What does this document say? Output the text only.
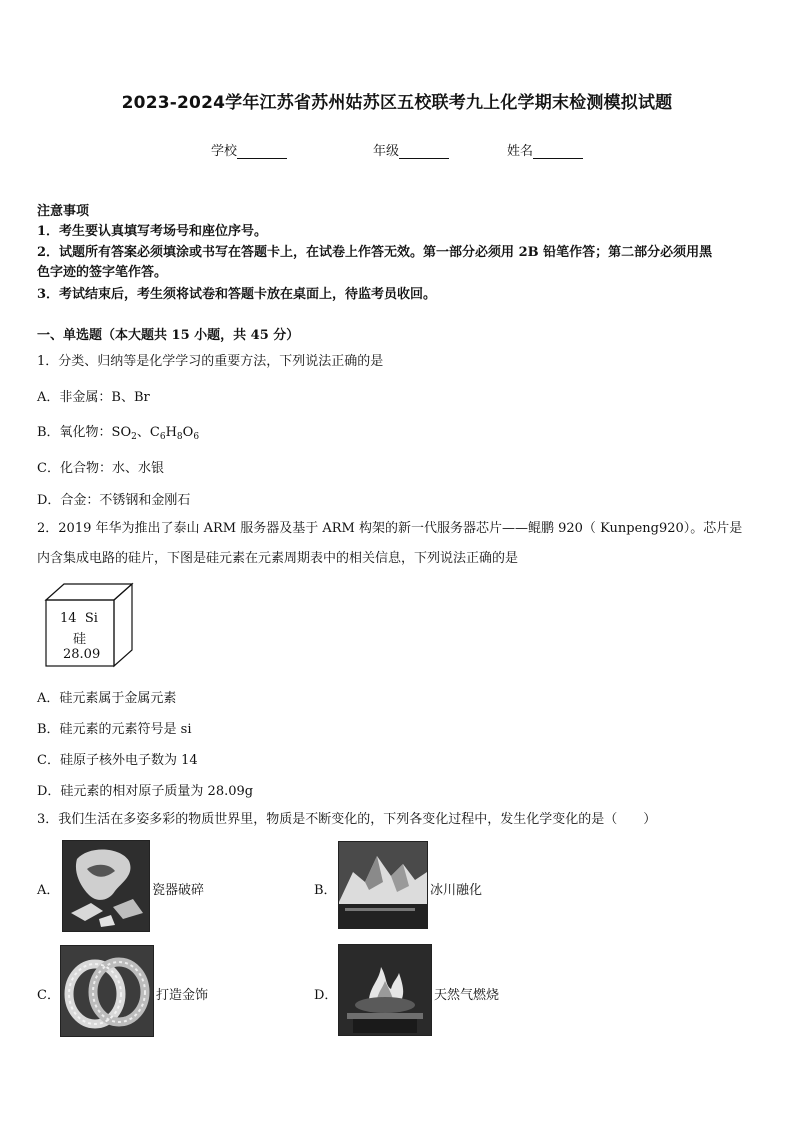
2023-2024学年江苏省苏州姑苏区五校联考九上化学期末检测模拟试题
学校	年级	姓名
注意事项
1．考生要认真填写考场号和座位序号。
2．试题所有答案必须填涂或书写在答题卡上，在试卷上作答无效。第一部分必须用 2B 铅笔作答；第二部分必须用黑
色字迹的签字笔作答。
3．考试结束后，考生须将试卷和答题卡放在桌面上，待监考员收回。
一、单选题（本大题共 15 小题，共 45 分）
1．分类、归纳等是化学学习的重要方法，下列说法正确的是
A．非金属：B、Br
B．氧化物：$SO_2$、$C_6H_8O_6$
C．化合物：水、水银
D．合金：不锈钢和金刚石
2．2019 年华为推出了泰山 ARM 服务器及基于 ARM 构架的新一代服务器芯片——鲲鹏 920（ Kunpeng920）。芯片是
内含集成电路的硅片，下图是硅元素在元素周期表中的相关信息，下列说法正确的是
14 Si
硅
28.09
A．硅元素属于金属元素
B．硅元素的元素符号是 si
C．硅原子核外电子数为 14
D．硅元素的相对原子质量为 28.09g
3．我们生活在多姿多彩的物质世界里，物质是不断变化的，下列各变化过程中，发生化学变化的是（　　）
A．	瓷器破碎	B．	冰川融化
C．	打造金饰	D．	天然气燃烧
